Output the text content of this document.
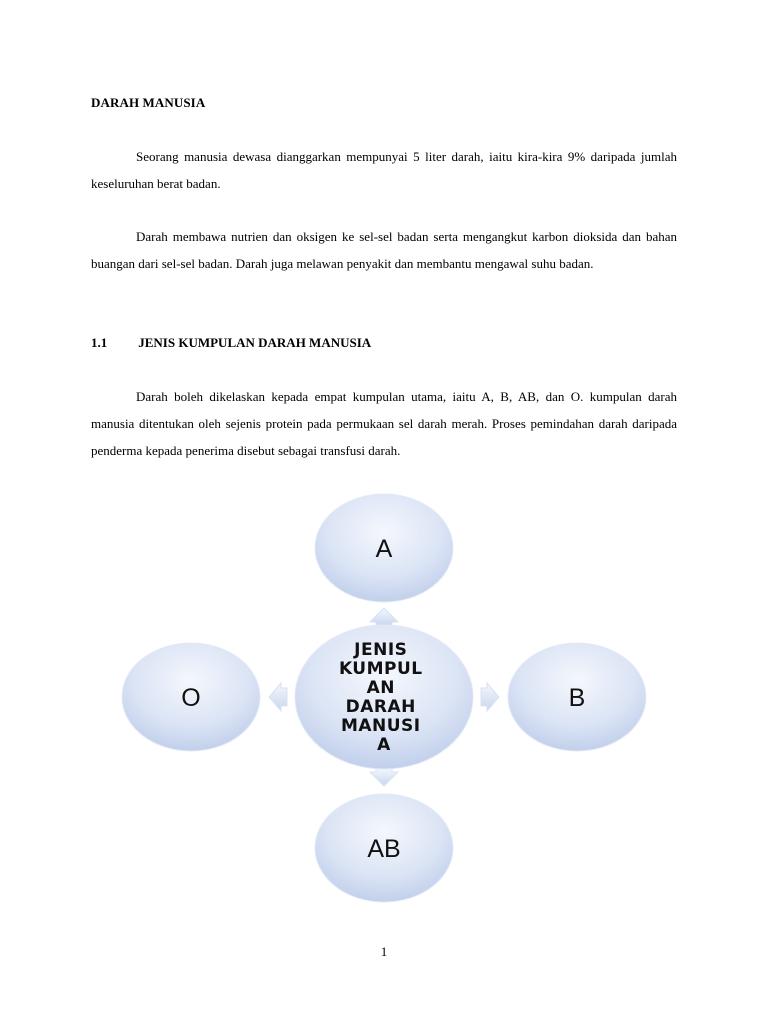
DARAH MANUSIA

Seorang manusia dewasa dianggarkan mempunyai 5 liter darah, iaitu kira-kira 9% daripada jumlah keseluruhan berat badan.

Darah membawa nutrien dan oksigen ke sel-sel badan serta mengangkut karbon dioksida dan bahan buangan dari sel-sel badan. Darah juga melawan penyakit dan membantu mengawal suhu badan.

1.1 JENIS KUMPULAN DARAH MANUSIA

Darah boleh dikelaskan kepada empat kumpulan utama, iaitu A, B, AB, dan O. kumpulan darah manusia ditentukan oleh sejenis protein pada permukaan sel darah merah. Proses pemindahan darah daripada penderma kepada penerima disebut sebagai transfusi darah.

A
O	B
AB
JENIS KUMPUL AN DARAH MANUSI A
1
